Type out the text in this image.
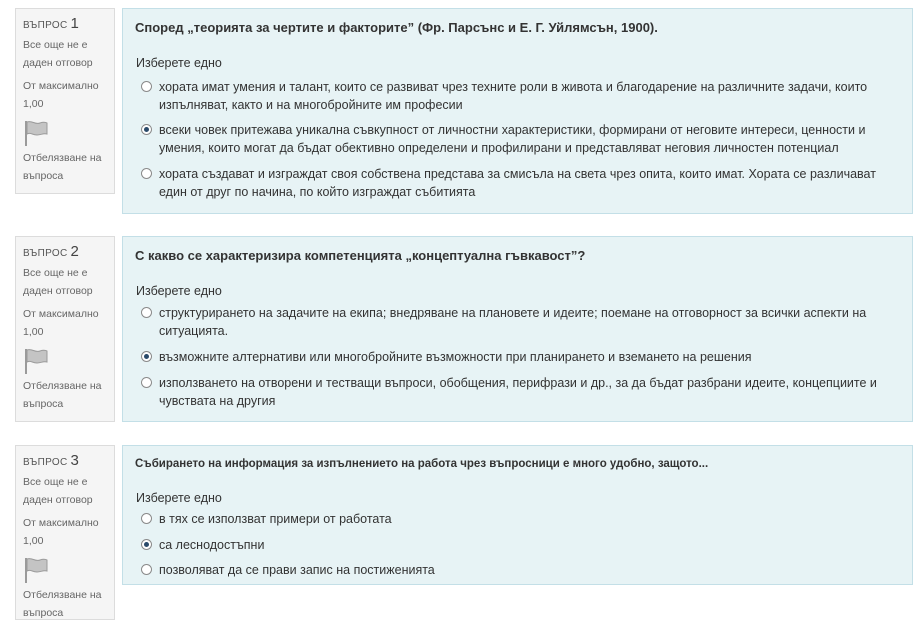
ВЪПРОС 1
Все още не е даден отговор
От максимално 1,00
Отбелязване на въпроса
Според „теорията за чертите и факторите” (Фр. Парсънс и Е. Г. Уйлямсън, 1900).
Изберете едно
хората имат умения и талант, които се развиват чрез техните роли в живота и благодарение на различните задачи, които изпълняват, както и на многобройните им професии
всеки човек притежава уникална съвкупност от личностни характеристики, формирани от неговите интереси, ценности и умения, които могат да бъдат обективно определени и профилирани и представляват неговия личностен потенциал
хората създават и изграждат своя собствена представа за смисъла на света чрез опита, които имат. Хората се различават един от друг по начина, по който изграждат събитията
ВЪПРОС 2
Все още не е даден отговор
От максимално 1,00
Отбелязване на въпроса
С какво се характеризира компетенцията „концептуална гъвкавост”?
Изберете едно
структурирането на задачите на екипа; внедряване на плановете и идеите; поемане на отговорност за всички аспекти на ситуацията.
възможните алтернативи или многобройните възможности при планирането и вземането на решения
използването на отворени и тестващи въпроси, обобщения, перифрази и др., за да бъдат разбрани идеите, концепциите и чувствата на другия
ВЪПРОС 3
Все още не е даден отговор
От максимално 1,00
Отбелязване на въпроса
Събирането на информация за изпълнението на работа чрез въпросници е много удобно, защото...
Изберете едно
в тях се използват примери от работата
са леснодостъпни
позволяват да се прави запис на постиженията
